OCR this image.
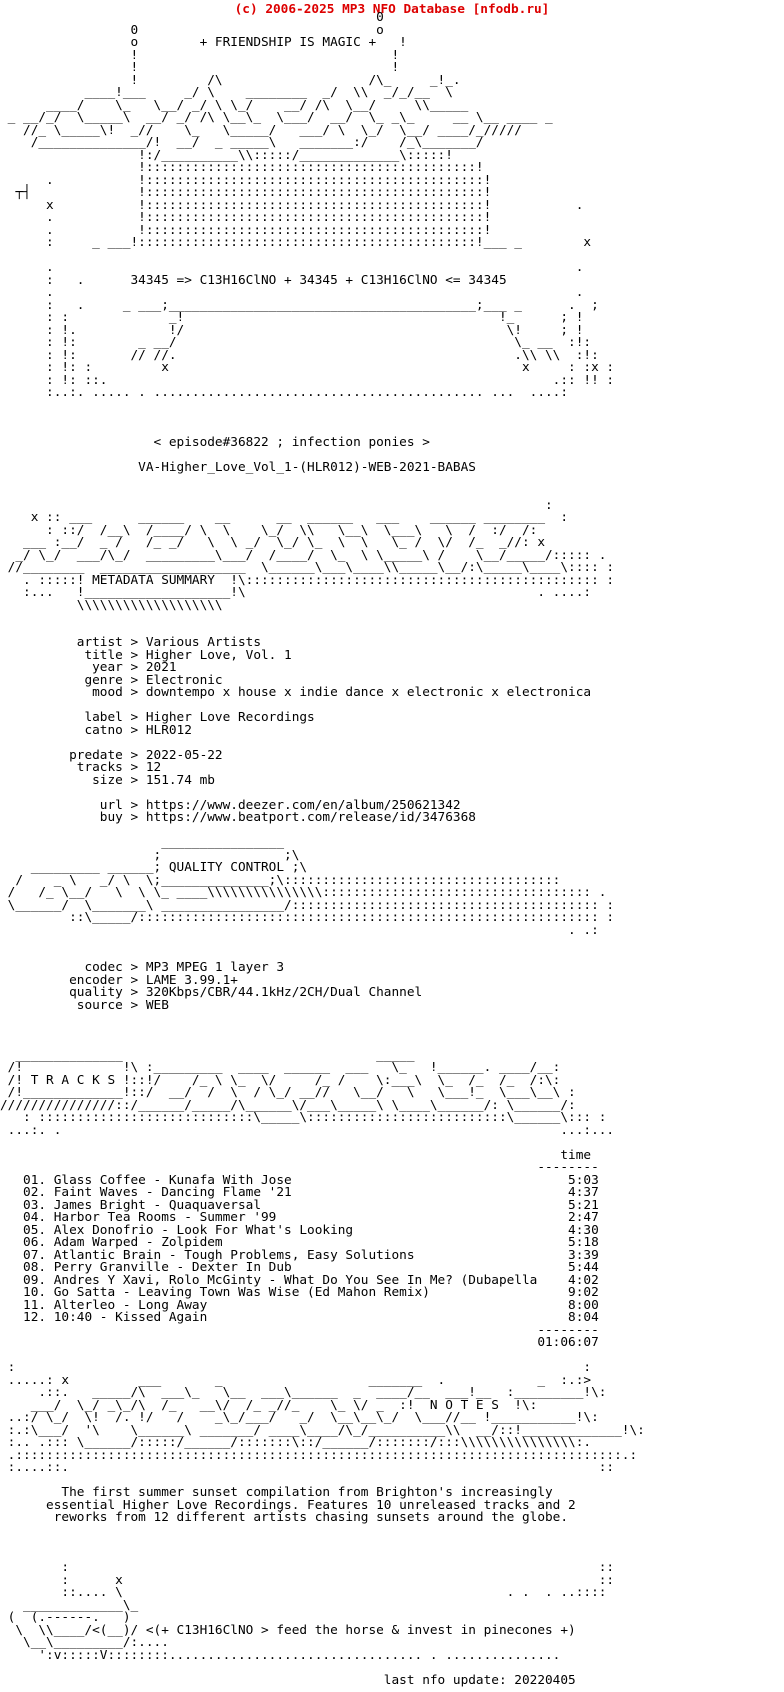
(c) 2006-2025 MP3 NFO Database [nfodb.ru]
0
0                               o
o        + FRIENDSHIP IS MAGIC +   !
!                                 !
!                                 !
!         /\                   /\_     _!_.
____!___     _/ \    ________  _/  \\  _/_/__  \
____/    \_   \__/ _/ \ \_/    __/ /\  \__/     \\_____
_ __/_/  \_____\  __/ _/ /\ \__\_  \___/  __/  \_ _\_     __ \__ ____ _
//_ \_____\!  _//    \_   \_____/   ___/ \  \_/  \__/ ____/_/////
/______________/!  __/  _ _____\   _______:/    /_\_______/
!:/__________\\:::::/_____________\:::::!
!:::::::::::::::::::::::::::::::::::::::::::!
.           !::::::::::::::::::::::::::::::::::::::::::::!
┬┤              !::::::::::::::::::::::::::::::::::::::::::::!
x           !::::::::::::::::::::::::::::::::::::::::::::!           .
.           !::::::::::::::::::::::::::::::::::::::::::::!
.           !::::::::::::::::::::::::::::::::::::::::::::!
:     _ ___!::::::::::::::::::::::::::::::::::::::::::::!___ _        x

.                                                                    .
:   .      34345 => C13H16ClNO + 34345 + C13H16ClNO <= 34345
.                                                                    .
:   .     _ ___;________________________________________;___ _      .  ;
: :             _!                                         !_      ; !
: !.            !/                                          \!     ; !
: !:        _ __/                                            \_ __  :!:
: !:       // //.                                            .\\ \\  :!:
: !: :         x                                              x     : :x :
: !: ::.                                                          .:: !! :
:..:. ..... . ........................................... ...  ....:

< episode#36822 ; infection ponies >

VA-Higher_Love_Vol_1-(HLR012)-WEB-2021-BABAS

:
x :: ___      ______    __      __  ______   ___    ______ ________  :
: ::/  /__\  /____/ \  \    \_/  \\   \__\  \___\   \  /  :/  /:
___ :__/  _ /   /_ _/   \  \ _/  \_/ \_  \  \   \_ /  \/  /_  _//: x
_/ \_/  ___/\_/  _________\___/  /____/  \_  \ \_____\ /    \__/_____/::::: .
//________  ___________________  \______\___\____\\_____\__/:\_____\____\:::: :
. :::::! METADATA SUMMARY  !\:::::::::::::::::::::::::::::::::::::::::::::: :
:...   !___________________!\                                      . ....:
\\\\\\\\\\\\\\\\\\\

artist > Various Artists
title > Higher Love, Vol. 1
year > 2021
genre > Electronic
mood > downtempo x house x indie dance x electronic x electronica

label > Higher Love Recordings
catno > HLR012

predate > 2022-05-22
tracks > 12
size > 151.74 mb

url > https://www.deezer.com/en/album/250621342
buy > https://www.beatport.com/release/id/3476368

________________
;                ;\
_________ ______; QUALITY CONTROL ;\
/    _ \   _/ \  \;______________;\::::::::::::::::::::::::::::::::::::
/   /_ \__/   \  \ \_ ____\\\\\\\\\\\\\\\::::::::::::::::::::::::::::::::::: .
\______/  \_______\ ________________/:::::::::::::::::::::::::::::::::::::::: :
::\_____/:::::::::::::::::::::::::::::::::::::::::::::::::::::::::::: :
. .:

codec > MP3 MPEG 1 layer 3
encoder > LAME 3.99.1+
quality > 320Kbps/CBR/44.1kHz/2CH/Dual Channel
source > WEB

______________                                 _____
/!             !\ :_________  ____  ______  ___   \_   !______. ____/__:
/! T R A C K S !::!/    /_ \ \_  \/     /_ /    \:___\  \_  /_  /_  /:\:
/!_____________!::/  __/  /  \  / \_/ __//   \__/   \   \___!_  \___\__\ :
///////////////::/______/_____/\______\/___\_____\ \____\______/: \______/:
: ::::::::::::::::::::::::::::\_____\::::::::::::::::::::::::::\______\::: :
...:. .                                                                 ...:...

time
--------
01. Glass Coffee - Kunafa With Jose                                    5:03
02. Faint Waves - Dancing Flame '21                                    4:37
03. James Bright - Quaquaversal                                        5:21
04. Harbor Tea Rooms - Summer '99                                      2:47
05. Alex Donofrio - Look For What's Looking                            4:30
06. Adam Warped - Zolpidem                                             5:18
07. Atlantic Brain - Tough Problems, Easy Solutions                    3:39
08. Perry Granville - Dexter In Dub                                    5:44
09. Andres Y Xavi, Rolo McGinty - What Do You See In Me? (Dubapella    4:02
10. Go Satta - Leaving Town Was Wise (Ed Mahon Remix)                  9:02
11. Alterleo - Long Away                                               8:00
12. 10:40 - Kissed Again                                               8:04
--------
01:06:07

:                                                                          :
.....: x         ___       _                   _______  .            _  :.:>
.::.   _____/\  ___\_   \__  ___\______  _  ____/__  ___!__  :_________!\:
___/  \_/ _\_/\  /_   __\/  /_ _//_    \_ \/ _  :!  N O T E S  !\:
..:/ \_/  \!  /. !/   /    _\_/___/   _/  \__\__\_/  \___//__ !___________!\:
:.:\___/  '\    \______\ _______/ ____\____/\_/__________\\  __/::!_____________!\:
:.. .::: \______/:::::/______/:::::::\::/______/:::::::/:::\\\\\\\\\\\\\\\:.
.:::::::::::::::::::::::::::::::::::::::::::::::::::::::::::::::::::::::::::::::.:
:....::.                                                                     ::

The first summer sunset compilation from Brighton's increasingly
essential Higher Love Recordings. Features 10 unreleased tracks and 2
reworks from 12 different artists chasing sunsets around the globe.

:                                                                     ::
:      x                                                              ::
::.... \                                                  . .  . ..::::
_____________\_
(  (.------.   )
\  \\____/<(__)/ <(+ C13H16ClNO > feed the horse & invest in pinecones +)
\__\_________/:....
':v:::::V::::::::................................. . ...............

last nfo update: 20220405
